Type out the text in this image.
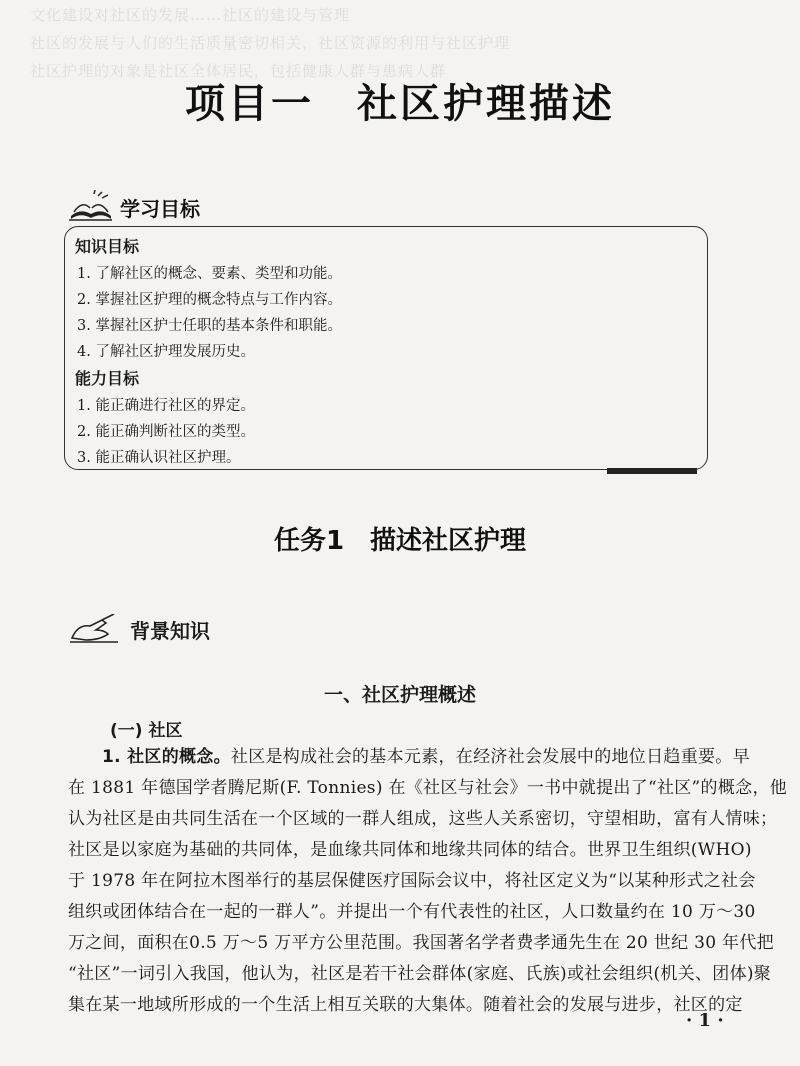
文化建设对社区的发展……社区的建设与管理
社区的发展与人们的生活质量密切相关，社区资源的利用与社区护理
社区护理的对象是社区全体居民，包括健康人群与患病人群
项目一　社区护理描述
学习目标
知识目标
1. 了解社区的概念、要素、类型和功能。
2. 掌握社区护理的概念特点与工作内容。
3. 掌握社区护士任职的基本条件和职能。
4. 了解社区护理发展历史。
能力目标
1. 能正确进行社区的界定。
2. 能正确判断社区的类型。
3. 能正确认识社区护理。
任务1　描述社区护理
背景知识
一、社区护理概述
(一) 社区
1. 社区的概念。社区是构成社会的基本元素，在经济社会发展中的地位日趋重要。早
在 1881 年德国学者腾尼斯(F. Tonnies) 在《社区与社会》一书中就提出了“社区”的概念，他
认为社区是由共同生活在一个区域的一群人组成，这些人关系密切，守望相助，富有人情味；
社区是以家庭为基础的共同体，是血缘共同体和地缘共同体的结合。世界卫生组织(WHO)
于 1978 年在阿拉木图举行的基层保健医疗国际会议中，将社区定义为“以某种形式之社会
组织或团体结合在一起的一群人”。并提出一个有代表性的社区，人口数量约在 10 万～30
万之间，面积在0.5 万～5 万平方公里范围。我国著名学者费孝通先生在 20 世纪 30 年代把
“社区”一词引入我国，他认为，社区是若干社会群体(家庭、氏族)或社会组织(机关、团体)聚
集在某一地域所形成的一个生活上相互关联的大集体。随着社会的发展与进步，社区的定
· 1 ·
